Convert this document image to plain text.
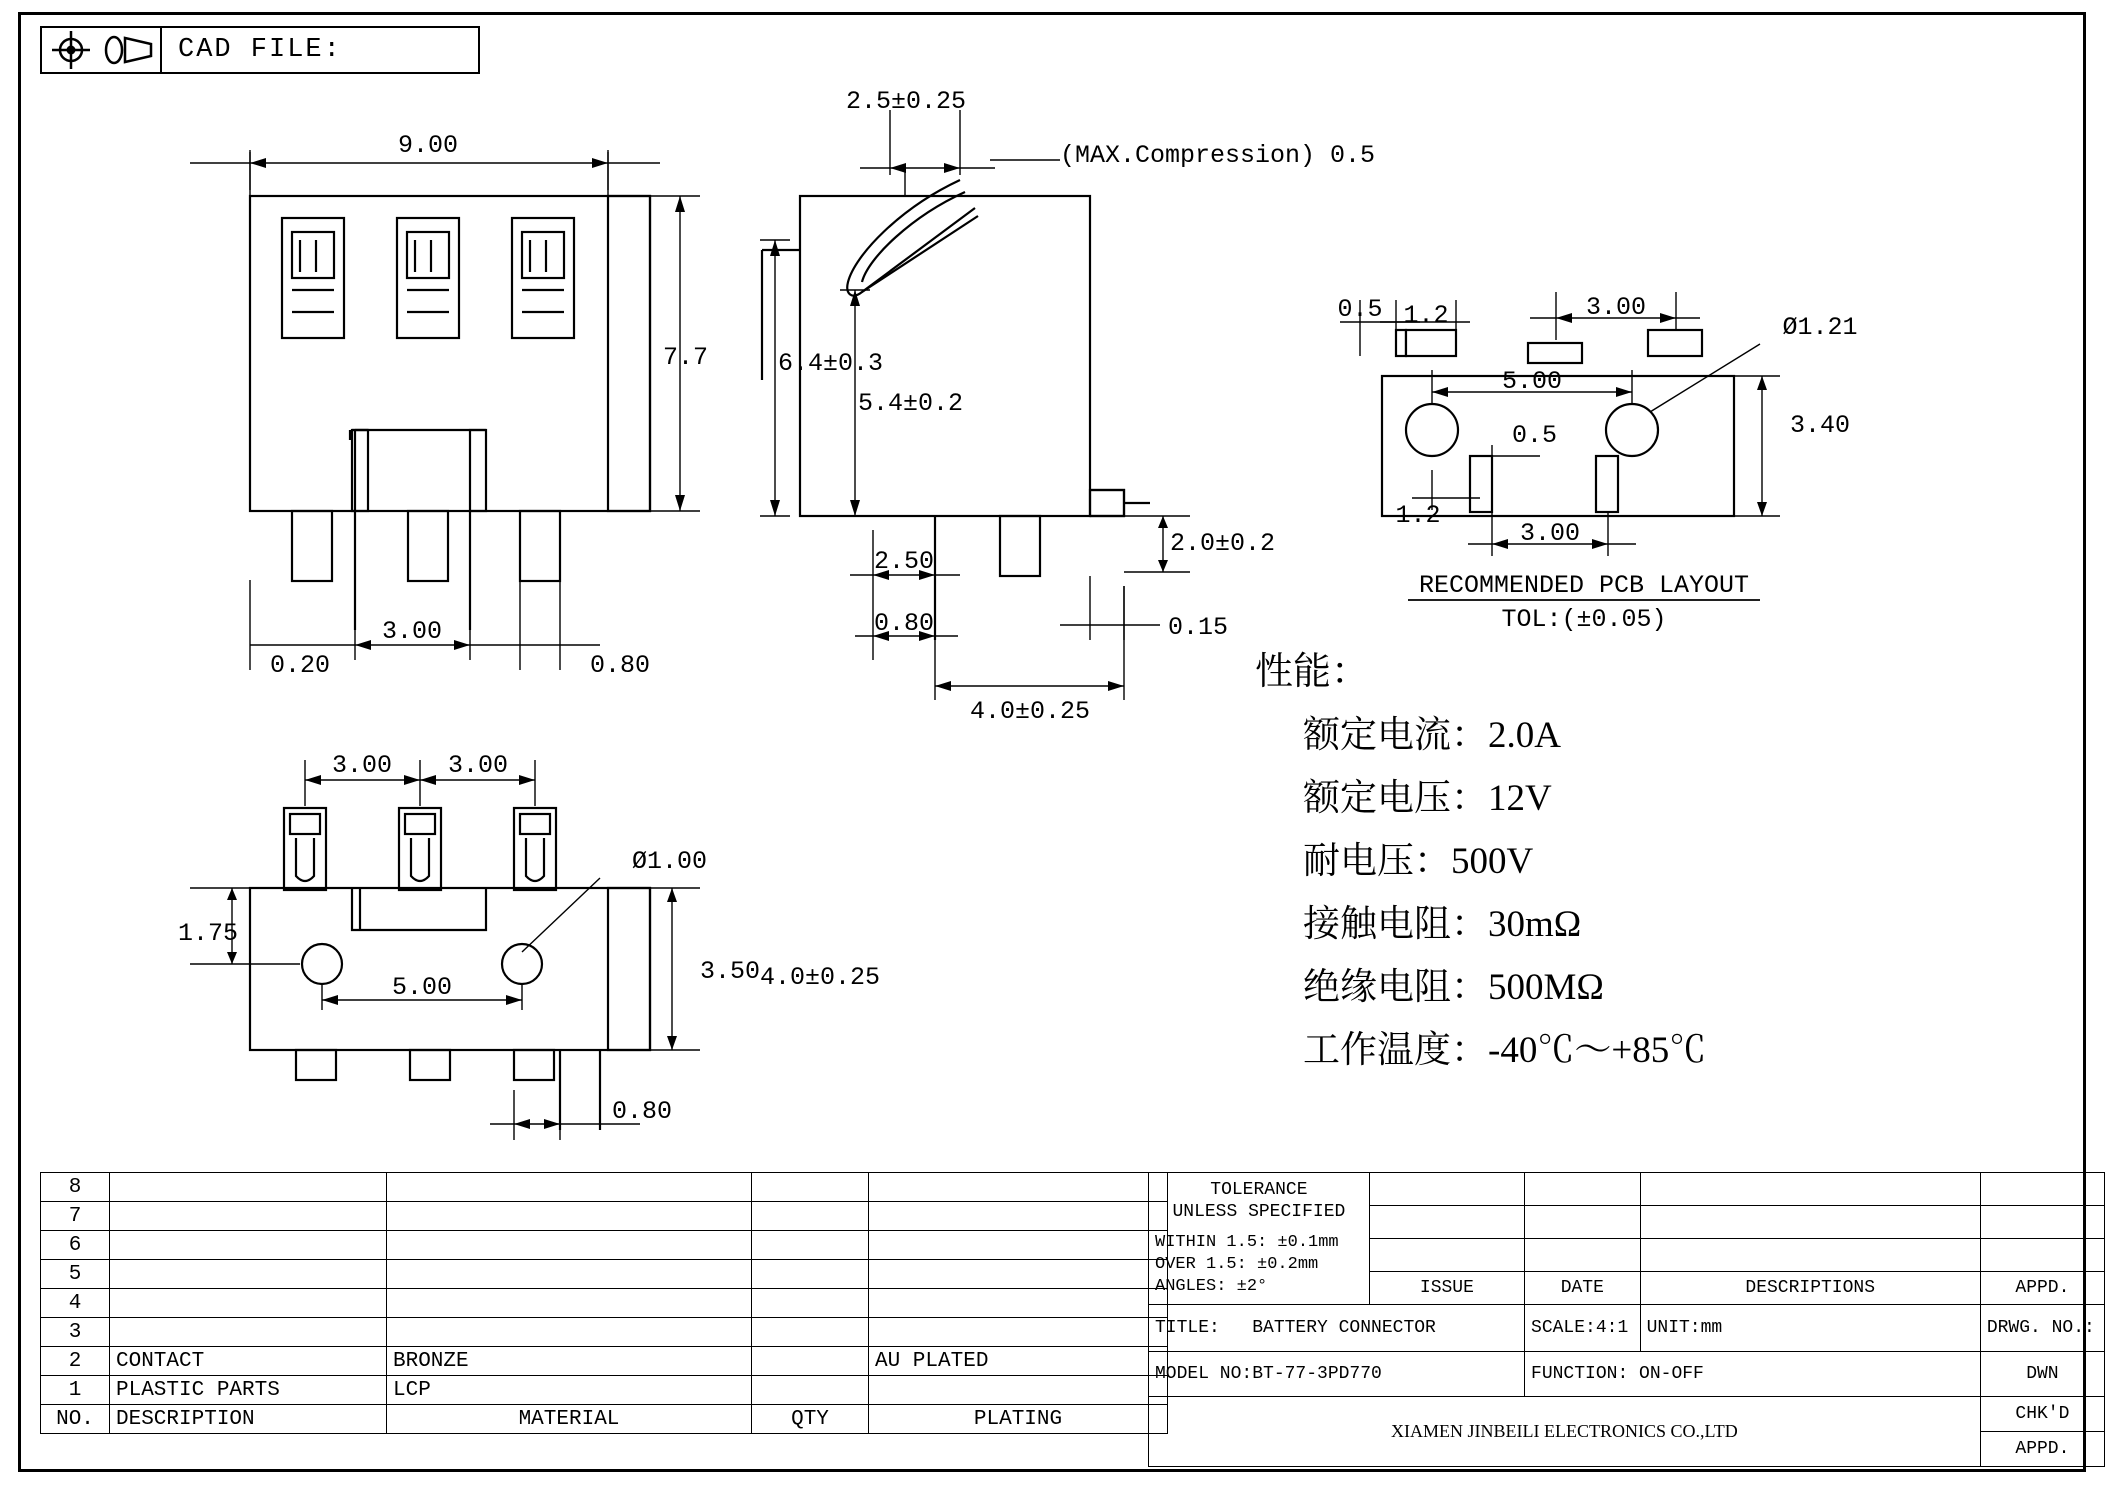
CAD FILE:
9.00
7.7
3.00
0.20	0.80
2.5±0.25
(MAX.Compression) 0.5
6.4±0.3
5.4±0.2
2.50
0.80
4.0±0.25
2.0±0.2
0.15
0.5 1.2	3.00
5.00
Ø1.21
3.40
0.5
1.2
3.00
3.00 3.00
Ø1.00
1.75
5.00
3.50 4.0±0.25
0.80
RECOMMENDED PCB LAYOUT
TOL:(±0.05)
性能：
额定电流：2.0A
额定电压：12V
耐电压：500V
接触电阻：30mΩ
绝缘电阻：500MΩ
工作温度：-40℃～+85℃
8				
7				
6				
5				
4				
3				
2	CONTACT	BRONZE		AU PLATED
1	PLASTIC PARTS	LCP		
NO.	DESCRIPTION	MATERIAL	QTY	PLATING
TOLERANCE
UNLESS SPECIFIED
WITHIN 1.5: ±0.1mm
OVER 1.5: ±0.2mm
ANGLES: ±2°				

	ISSUE	DATE	DESCRIPTIONS	APPD.
TITLE: BATTERY CONNECTOR		SCALE:4:1	UNIT:mm	DRWG. NO.:
MODEL NO:BT-77-3PD770		FUNCTION: ON-OFF		DWN
XIAMEN JINBEILI ELECTRONICS CO.,LTD				CHK'D
				APPD.
